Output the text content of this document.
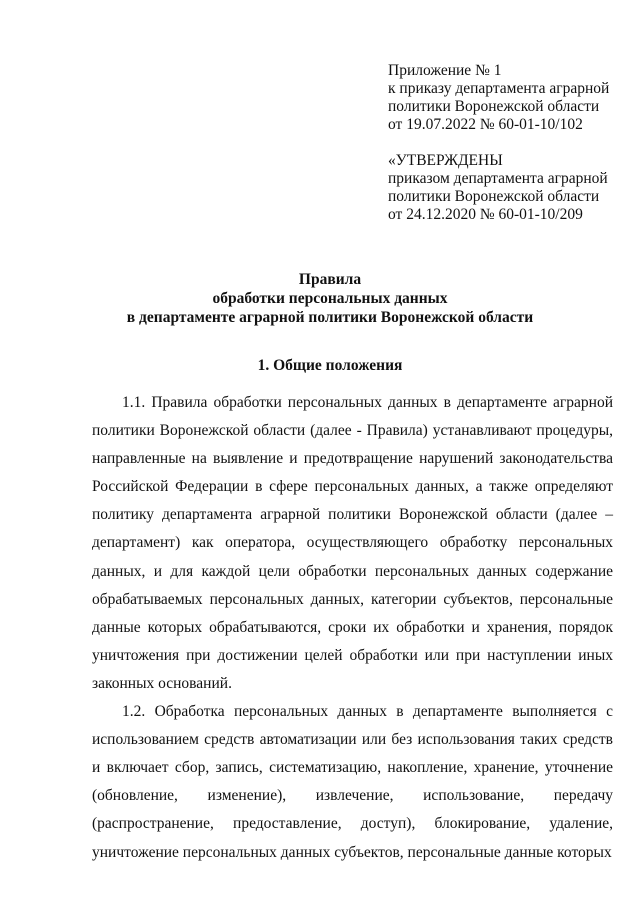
Приложение № 1
к приказу департамента аграрной
политики Воронежской области
от 19.07.2022 № 60-01-10/102
«УТВЕРЖДЕНЫ
приказом департамента аграрной
политики Воронежской области
от 24.12.2020 № 60-01-10/209
Правила
обработки персональных данных
в департаменте аграрной политики Воронежской области
1. Общие положения

1.1. Правила обработки персональных данных в департаменте аграрной политики Воронежской области (далее - Правила) устанавливают процедуры, направленные на выявление и предотвращение нарушений законодательства Российской Федерации в сфере персональных данных, а также определяют политику департамента аграрной политики Воронежской области (далее – департамент) как оператора, осуществляющего обработку персональных данных, и для каждой цели обработки персональных данных содержание обрабатываемых персональных данных, категории субъектов, персональные данные которых обрабатываются, сроки их обработки и хранения, порядок уничтожения при достижении целей обработки или при наступлении иных законных оснований.

1.2. Обработка персональных данных в департаменте выполняется с использованием средств автоматизации или без использования таких средств и включает сбор, запись, систематизацию, накопление, хранение, уточнение (обновление, изменение), извлечение, использование, передачу (распространение, предоставление, доступ), блокирование, удаление, уничтожение персональных данных субъектов, персональные данные которых
